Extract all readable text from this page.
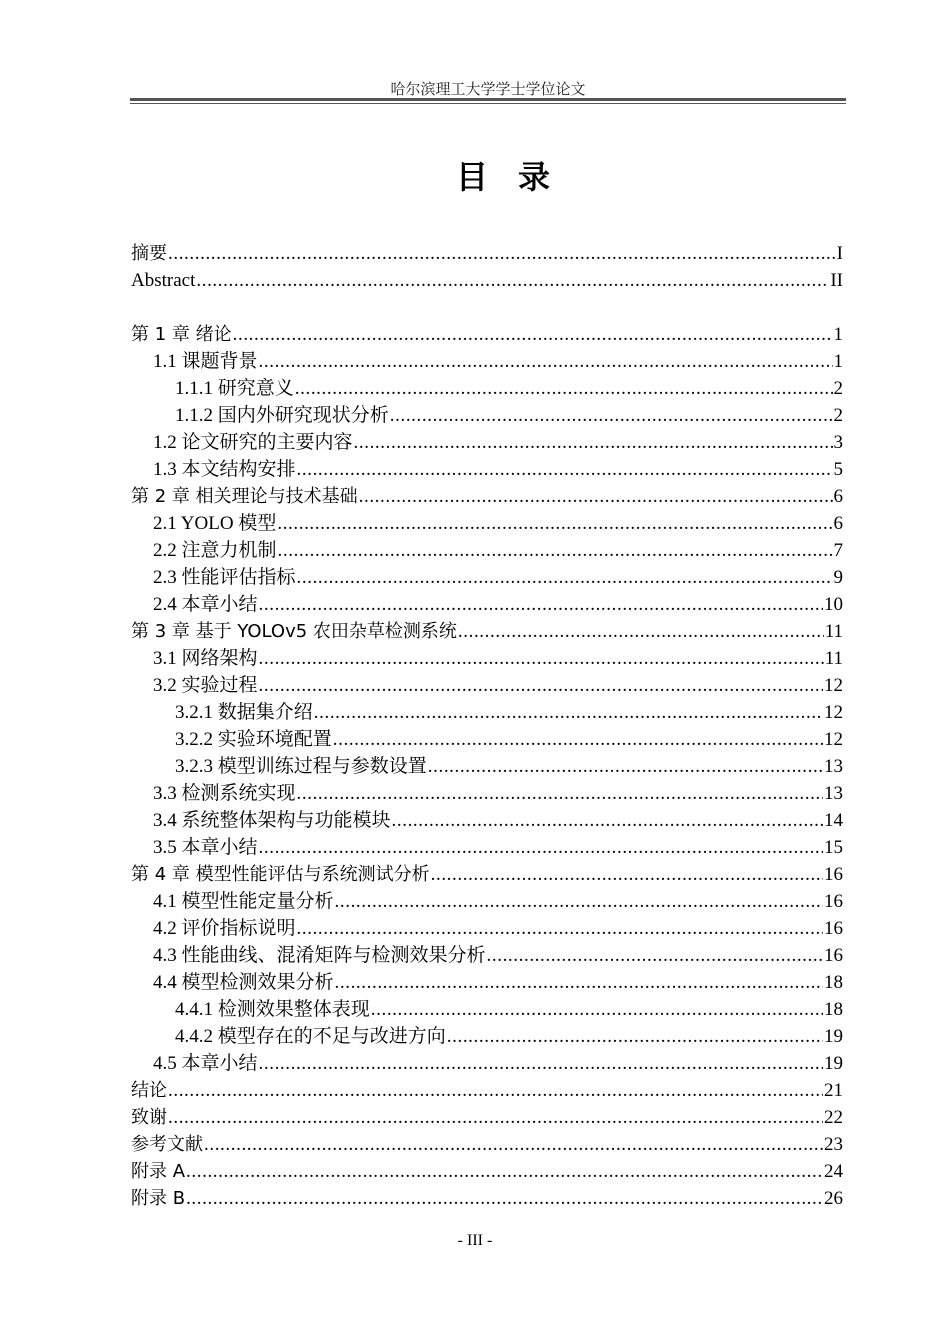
哈尔滨理工大学学士学位论文
目录
摘要 .....	I
Abstract .....	II
第 1 章 绪论 .....	1
1.1 课题背景 .....	1
1.1.1 研究意义 .....	2
1.1.2 国内外研究现状分析 .....	2
1.2 论文研究的主要内容 .....	3
1.3 本文结构安排 .....	5
第 2 章 相关理论与技术基础 .....	6
2.1 YOLO 模型 .....	6
2.2 注意力机制 .....	7
2.3 性能评估指标 .....	9
2.4 本章小结 .....	10
第 3 章 基于 YOLOv5 农田杂草检测系统 .....	11
3.1 网络架构 .....	11
3.2 实验过程 .....	12
3.2.1 数据集介绍 .....	12
3.2.2 实验环境配置 .....	12
3.2.3 模型训练过程与参数设置 .....	13
3.3 检测系统实现 .....	13
3.4 系统整体架构与功能模块 .....	14
3.5 本章小结 .....	15
第 4 章 模型性能评估与系统测试分析 .....	16
4.1 模型性能定量分析 .....	16
4.2 评价指标说明 .....	16
4.3 性能曲线、混淆矩阵与检测效果分析 .....	16
4.4 模型检测效果分析 .....	18
4.4.1 检测效果整体表现 .....	18
4.4.2 模型存在的不足与改进方向 .....	19
4.5 本章小结 .....	19
结论 .....	21
致谢 .....	22
参考文献 .....	23
附录 A .....	24
附录 B .....	26
- III -
